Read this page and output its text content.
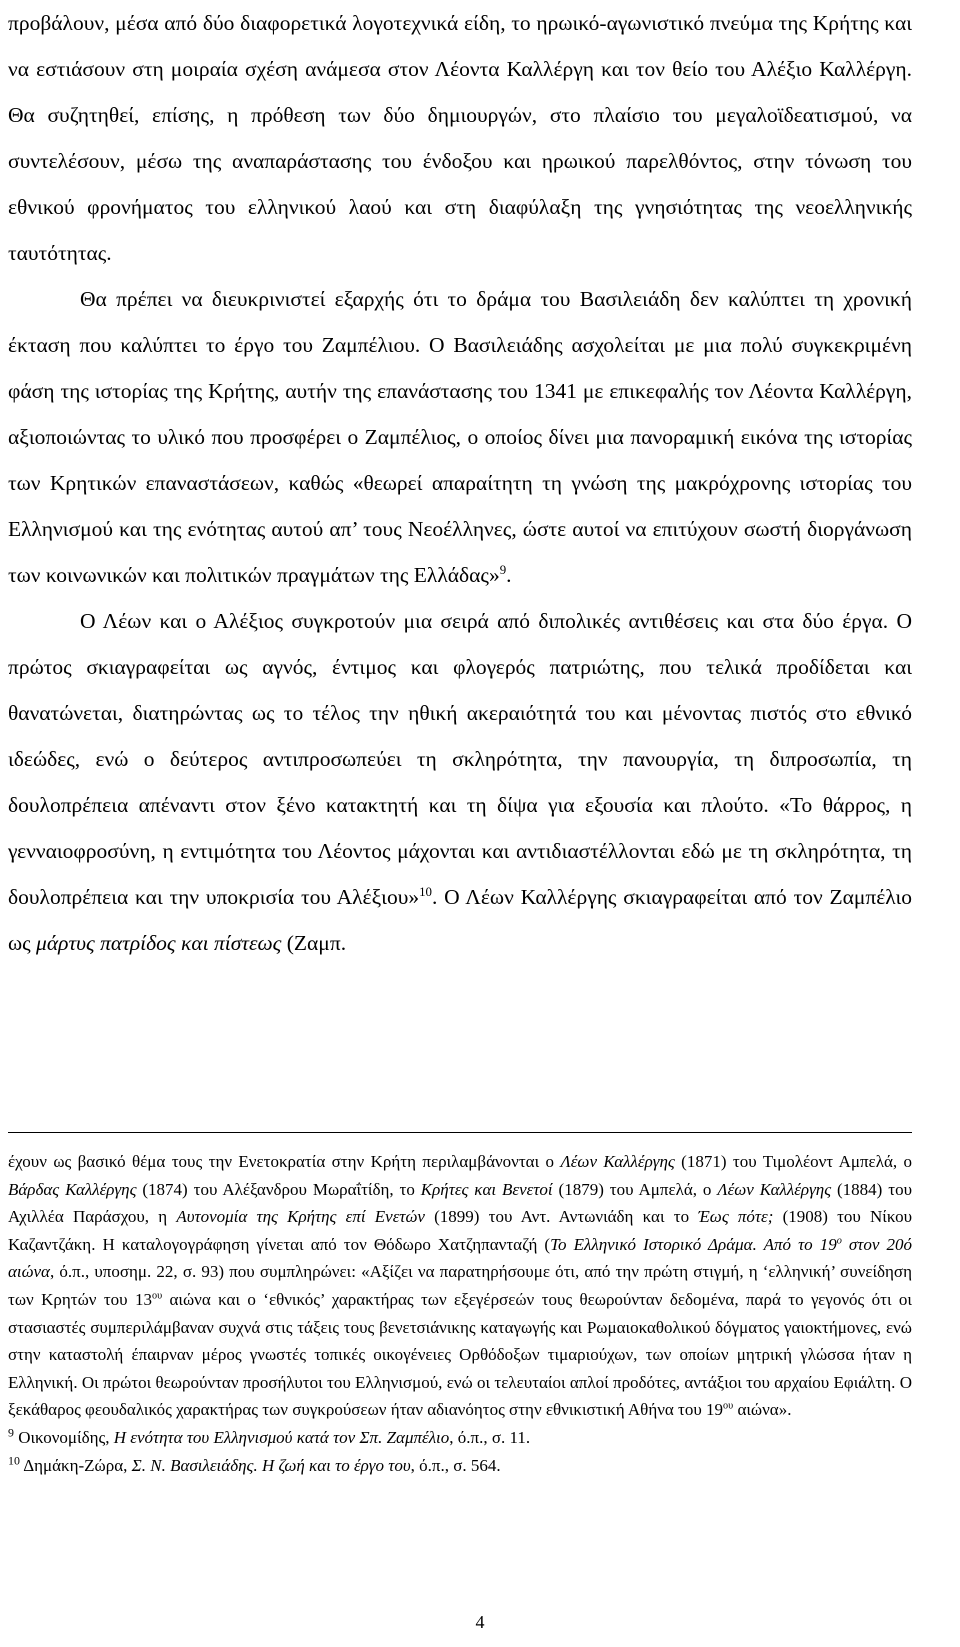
προβάλουν, μέσα από δύο διαφορετικά λογοτεχνικά είδη, το ηρωικό-αγωνιστικό πνεύμα της Κρήτης και να εστιάσουν στη μοιραία σχέση ανάμεσα στον Λέοντα Καλλέργη και τον θείο του Αλέξιο Καλλέργη. Θα συζητηθεί, επίσης, η πρόθεση των δύο δημιουργών, στο πλαίσιο του μεγαλοϊδεατισμού, να συντελέσουν, μέσω της αναπαράστασης του ένδοξου και ηρωικού παρελθόντος, στην τόνωση του εθνικού φρονήματος του ελληνικού λαού και στη διαφύλαξη της γνησιότητας της νεοελληνικής ταυτότητας.

Θα πρέπει να διευκρινιστεί εξαρχής ότι το δράμα του Βασιλειάδη δεν καλύπτει τη χρονική έκταση που καλύπτει το έργο του Ζαμπέλιου. Ο Βασιλειάδης ασχολείται με μια πολύ συγκεκριμένη φάση της ιστορίας της Κρήτης, αυτήν της επανάστασης του 1341 με επικεφαλής τον Λέοντα Καλλέργη, αξιοποιώντας το υλικό που προσφέρει ο Ζαμπέλιος, ο οποίος δίνει μια πανοραμική εικόνα της ιστορίας των Κρητικών επαναστάσεων, καθώς «θεωρεί απαραίτητη τη γνώση της μακρόχρονης ιστορίας του Ελληνισμού και της ενότητας αυτού απ’ τους Νεοέλληνες, ώστε αυτοί να επιτύχουν σωστή διοργάνωση των κοινωνικών και πολιτικών πραγμάτων της Ελλάδας»$^9$.

Ο Λέων και ο Αλέξιος συγκροτούν μια σειρά από διπολικές αντιθέσεις και στα δύο έργα. Ο πρώτος σκιαγραφείται ως αγνός, έντιμος και φλογερός πατριώτης, που τελικά προδίδεται και θανατώνεται, διατηρώντας ως το τέλος την ηθική ακεραιότητά του και μένοντας πιστός στο εθνικό ιδεώδες, ενώ ο δεύτερος αντιπροσωπεύει τη σκληρότητα, την πανουργία, τη διπροσωπία, τη δουλοπρέπεια απέναντι στον ξένο κατακτητή και τη δίψα για εξουσία και πλούτο. «Το θάρρος, η γενναιοφροσύνη, η εντιμότητα του Λέοντος μάχονται και αντιδιαστέλλονται εδώ με τη σκληρότητα, τη δουλοπρέπεια και την υποκρισία του Αλέξιου»$^{10}$. Ο Λέων Καλλέργης σκιαγραφείται από τον Ζαμπέλιο ως μάρτυς πατρίδος και πίστεως (Ζαμπ.

έχουν ως βασικό θέμα τους την Ενετοκρατία στην Κρήτη περιλαμβάνονται ο Λέων Καλλέργης (1871) του Τιμολέοντ Αμπελά, ο Βάρδας Καλλέργης (1874) του Αλέξανδρου Μωραΐτίδη, το Κρήτες και Βενετοί (1879) του Αμπελά, ο Λέων Καλλέργης (1884) του Αχιλλέα Παράσχου, η Αυτονομία της Κρήτης επί Ενετών (1899) του Αντ. Αντωνιάδη και το Έως πότε; (1908) του Νίκου Καζαντζάκη. Η καταλογογράφηση γίνεται από τον Θόδωρο Χατζηπανταζή (Το Ελληνικό Ιστορικό Δράμα. Από το $19^o$ στον 20ό αιώνα, ό.π., υποσημ. 22, σ. 93) που συμπληρώνει: «Αξίζει να παρατηρήσουμε ότι, από την πρώτη στιγμή, η ‘ελληνική’ συνείδηση των Κρητών του $13^{o\upsilon}$ αιώνα και ο ‘εθνικός’ χαρακτήρας των εξεγέρσεών τους θεωρούνταν δεδομένα, παρά το γεγονός ότι οι στασιαστές συμπεριλάμβαναν συχνά στις τάξεις τους βενετσιάνικης καταγωγής και Ρωμαιοκαθολικού δόγματος γαιοκτήμονες, ενώ στην καταστολή έπαιρναν μέρος γνωστές τοπικές οικογένειες Ορθόδοξων τιμαριούχων, των οποίων μητρική γλώσσα ήταν η Ελληνική. Οι πρώτοι θεωρούνταν προσήλυτοι του Ελληνισμού, ενώ οι τελευταίοι απλοί προδότες, αντάξιοι του αρχαίου Εφιάλτη. Ο ξεκάθαρος φεουδαλικός χαρακτήρας των συγκρούσεων ήταν αδιανόητος στην εθνικιστική Αθήνα του $19^{o\upsilon}$ αιώνα».

$^9$ Οικονομίδης, Η ενότητα του Ελληνισμού κατά τον Σπ. Ζαμπέλιο, ό.π., σ. 11.

$^{10}$ Δημάκη-Ζώρα, Σ. Ν. Βασιλειάδης. Η ζωή και το έργο του, ό.π., σ. 564.

4
